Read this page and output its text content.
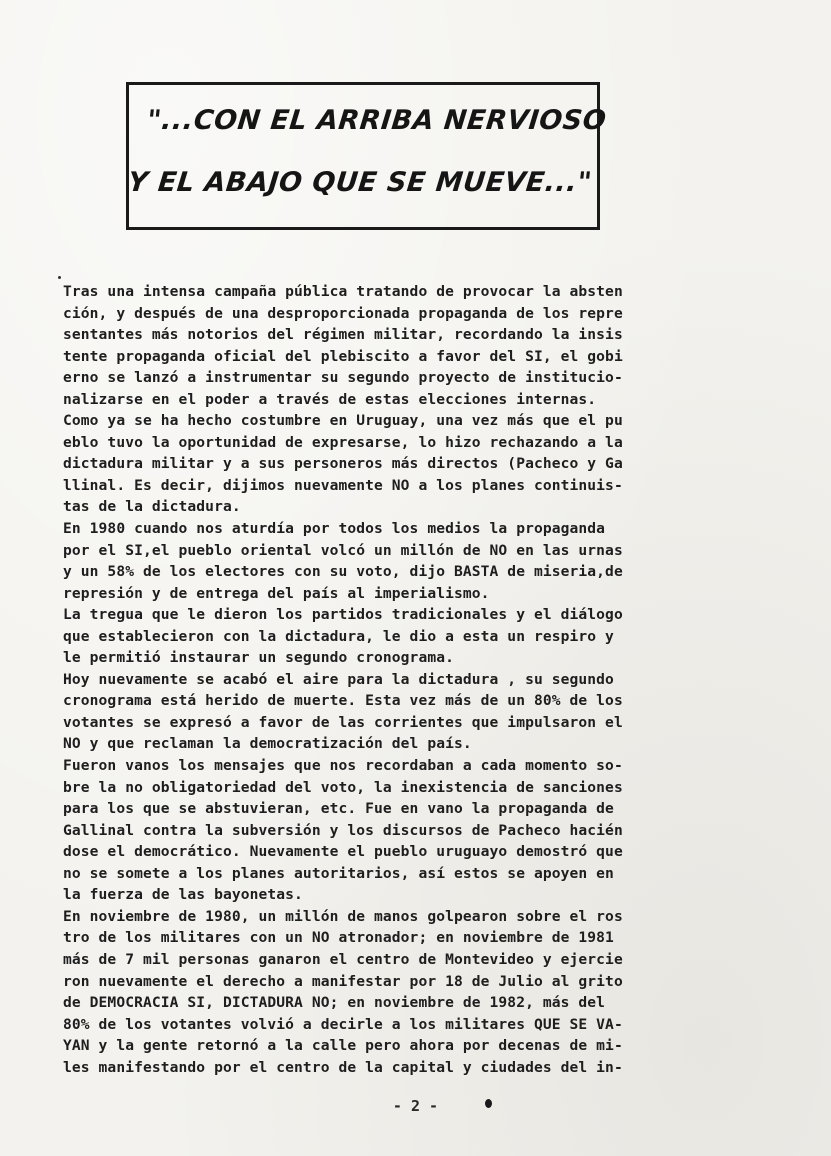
"...CON EL ARRIBA NERVIOSO
Y EL ABAJO QUE SE MUEVE..."
Tras una intensa campaña pública tratando de provocar la absten
ción, y después de una desproporcionada propaganda de los repre
sentantes más notorios del régimen militar, recordando la insis
tente propaganda oficial del plebiscito a favor del SI, el gobi
erno se lanzó a instrumentar su segundo proyecto de institucio-
nalizarse en el poder a través de estas elecciones internas.
Como ya se ha hecho costumbre en Uruguay, una vez más que el pu
eblo tuvo la oportunidad de expresarse, lo hizo rechazando a la
dictadura militar y a sus personeros más directos (Pacheco y Ga
llinal. Es decir, dijimos nuevamente NO a los planes continuis-
tas de la dictadura.
En 1980 cuando nos aturdía por todos los medios la propaganda
por el SI,el pueblo oriental volcó un millón de NO en las urnas
y un 58% de los electores con su voto, dijo BASTA de miseria,de
represión y de entrega del país al imperialismo.
La tregua que le dieron los partidos tradicionales y el diálogo
que establecieron con la dictadura, le dio a esta un respiro y
le permitió instaurar un segundo cronograma.
Hoy nuevamente se acabó el aire para la dictadura , su segundo
cronograma está herido de muerte. Esta vez más de un 80% de los
votantes se expresó a favor de las corrientes que impulsaron el
NO y que reclaman la democratización del país.
Fueron vanos los mensajes que nos recordaban a cada momento so-
bre la no obligatoriedad del voto, la inexistencia de sanciones
para los que se abstuvieran, etc. Fue en vano la propaganda de
Gallinal contra la subversión y los discursos de Pacheco hacién
dose el democrático. Nuevamente el pueblo uruguayo demostró que
no se somete a los planes autoritarios, así estos se apoyen en
la fuerza de las bayonetas.
En noviembre de 1980, un millón de manos golpearon sobre el ros
tro de los militares con un NO atronador; en noviembre de 1981
más de 7 mil personas ganaron el centro de Montevideo y ejercie
ron nuevamente el derecho a manifestar por 18 de Julio al grito
de DEMOCRACIA SI, DICTADURA NO; en noviembre de 1982, más del
80% de los votantes volvió a decirle a los militares QUE SE VA-
YAN y la gente retornó a la calle pero ahora por decenas de mi-
les manifestando por el centro de la capital y ciudades del in-
- 2 -
